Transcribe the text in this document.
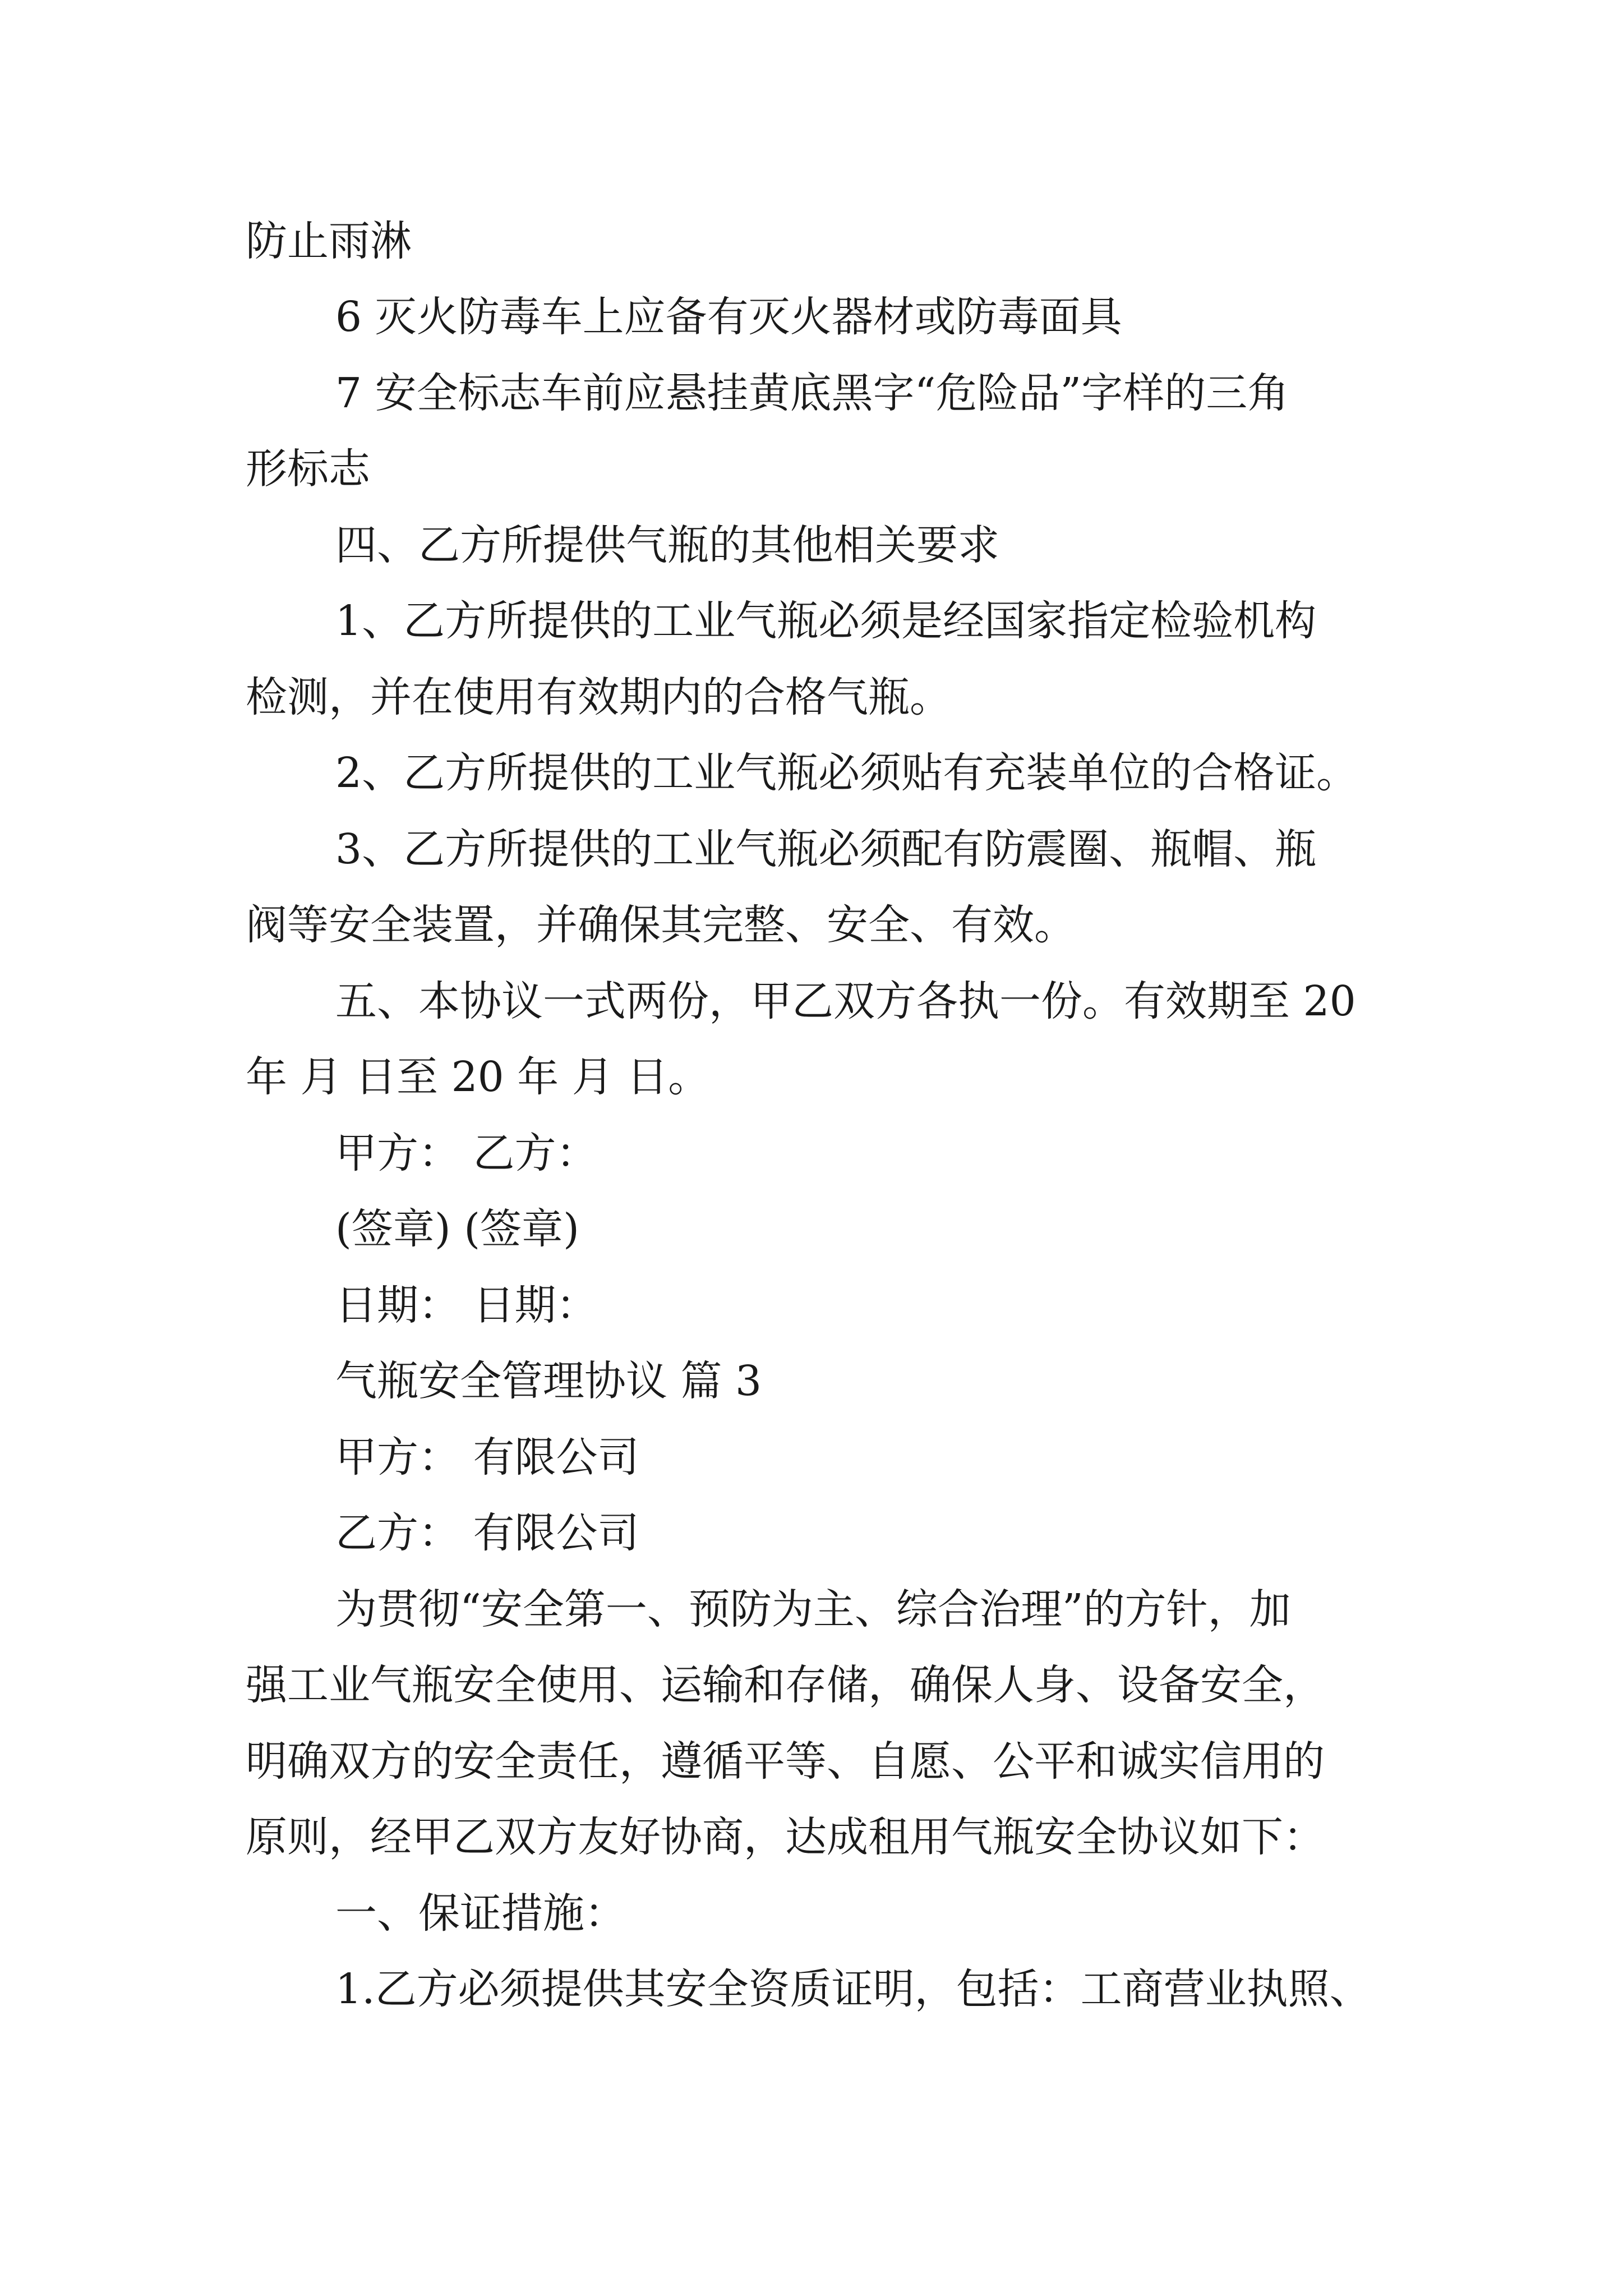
防止雨淋

6 灭火防毒车上应备有灭火器材或防毒面具

7 安全标志车前应悬挂黄底黑字“危险品”字样的三角

形标志

四、乙方所提供气瓶的其他相关要求

1、乙方所提供的工业气瓶必须是经国家指定检验机构

检测，并在使用有效期内的合格气瓶。

2、乙方所提供的工业气瓶必须贴有充装单位的合格证。

3、乙方所提供的工业气瓶必须配有防震圈、瓶帽、瓶

阀等安全装置，并确保其完整、安全、有效。

五、本协议一式两份，甲乙双方各执一份。有效期至 20

年 月 日至 20 年 月 日。

甲方： 乙方：

(签章) (签章)

日期： 日期：

气瓶安全管理协议 篇 3

甲方： 有限公司

乙方： 有限公司

为贯彻“安全第一、预防为主、综合治理”的方针，加

强工业气瓶安全使用、运输和存储，确保人身、设备安全，

明确双方的安全责任，遵循平等、自愿、公平和诚实信用的

原则，经甲乙双方友好协商，达成租用气瓶安全协议如下：

一、保证措施：

1.乙方必须提供其安全资质证明，包括：工商营业执照、
